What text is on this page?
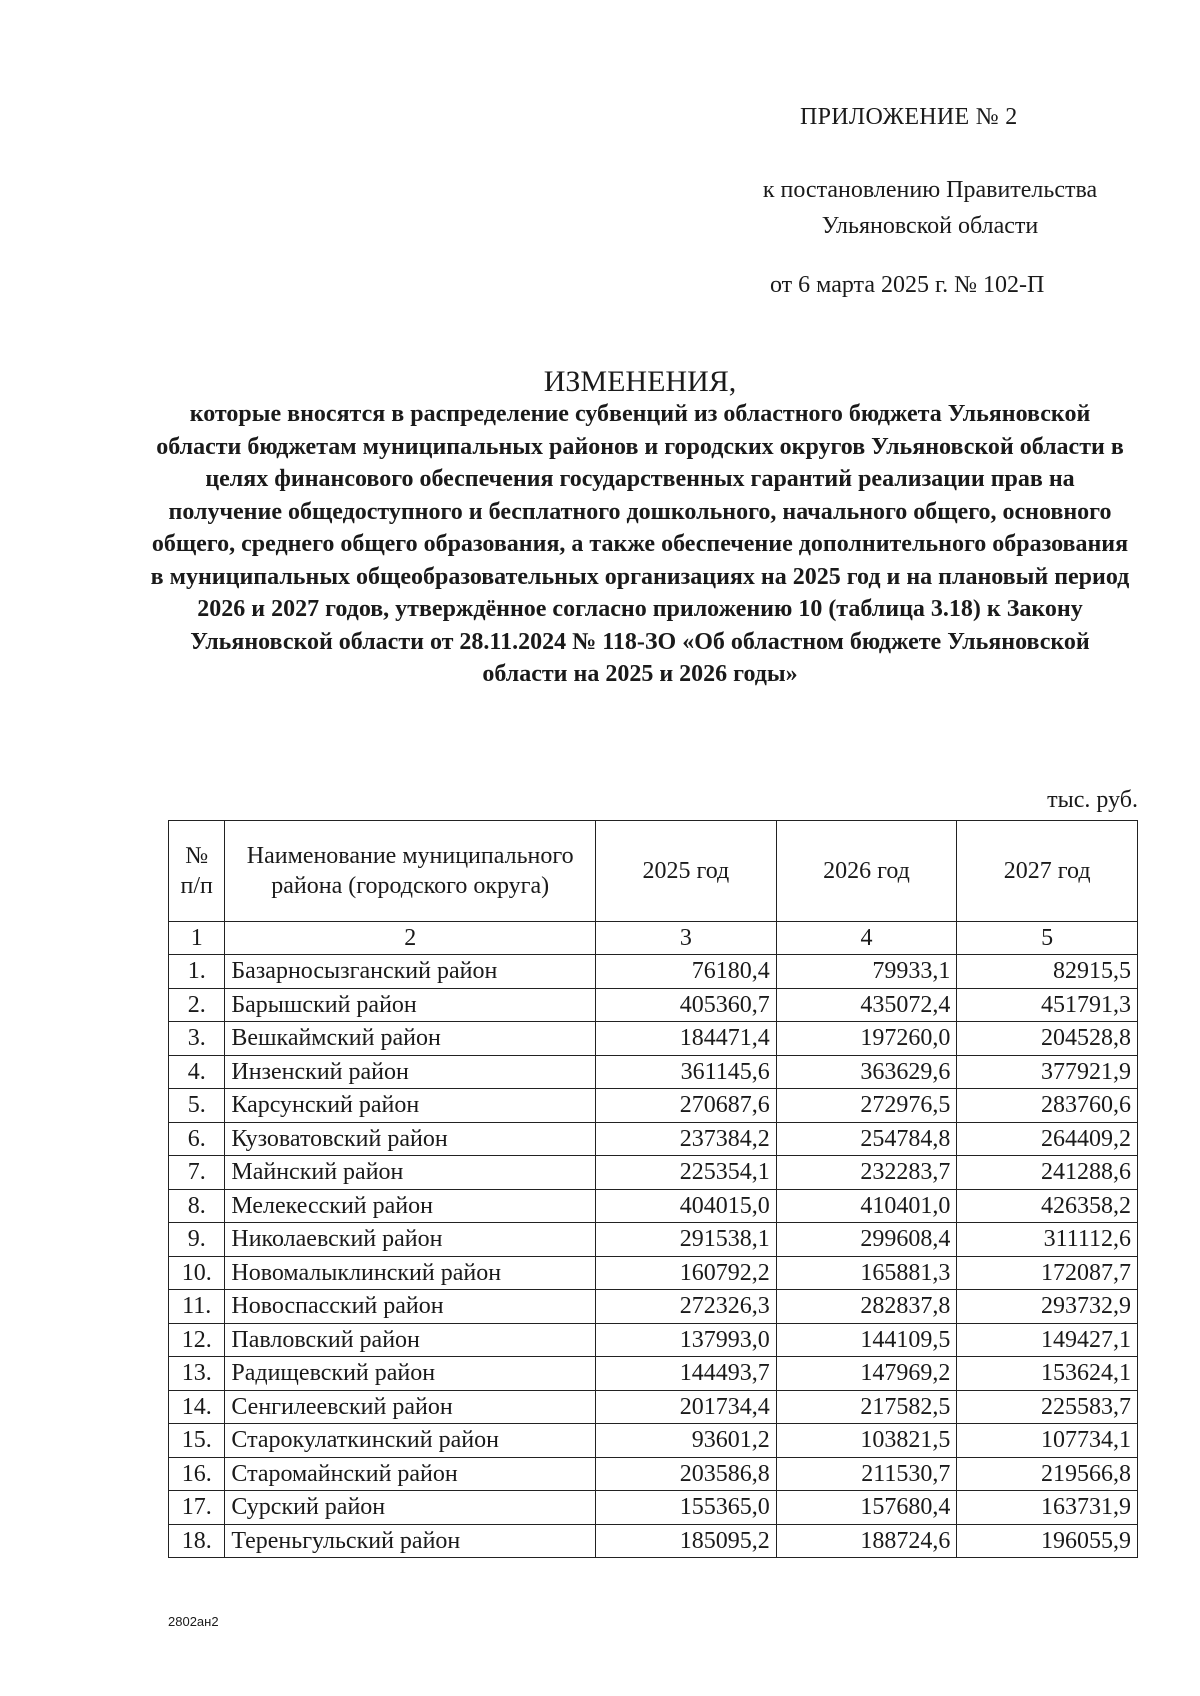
ПРИЛОЖЕНИЕ № 2
к постановлению Правительства
Ульяновской области
от 6 марта 2025 г. № 102-П
ИЗМЕНЕНИЯ,

которые вносятся в распределение субвенций из областного бюджета Ульяновской области бюджетам муниципальных районов и городских округов Ульяновской области в целях финансового обеспечения государственных гарантий реализации прав на получение общедоступного и бесплатного дошкольного, начального общего, основного общего, среднего общего образования, а также обеспечение дополнительного образования в муниципальных общеобразовательных организациях на 2025 год и на плановый период 2026 и 2027 годов, утверждённое согласно приложению 10 (таблица 3.18) к Закону Ульяновской области от 28.11.2024 № 118-ЗО «Об областном бюджете Ульяновской области на 2025 и 2026 годы»

тыс. руб.
№ п/п	Наименование муниципального района (городского округа)	2025 год	2026 год	2027 год
1	2	3	4	5
1.	Базарносызганский район	76180,4	79933,1	82915,5
2.	Барышский район	405360,7	435072,4	451791,3
3.	Вешкаймский район	184471,4	197260,0	204528,8
4.	Инзенский район	361145,6	363629,6	377921,9
5.	Карсунский район	270687,6	272976,5	283760,6
6.	Кузоватовский район	237384,2	254784,8	264409,2
7.	Майнский район	225354,1	232283,7	241288,6
8.	Мелекесский район	404015,0	410401,0	426358,2
9.	Николаевский район	291538,1	299608,4	311112,6
10.	Новомалыклинский район	160792,2	165881,3	172087,7
11.	Новоспасский район	272326,3	282837,8	293732,9
12.	Павловский район	137993,0	144109,5	149427,1
13.	Радищевский район	144493,7	147969,2	153624,1
14.	Сенгилеевский район	201734,4	217582,5	225583,7
15.	Старокулаткинский район	93601,2	103821,5	107734,1
16.	Старомайнский район	203586,8	211530,7	219566,8
17.	Сурский район	155365,0	157680,4	163731,9
18.	Тереньгульский район	185095,2	188724,6	196055,9
2802ан2
